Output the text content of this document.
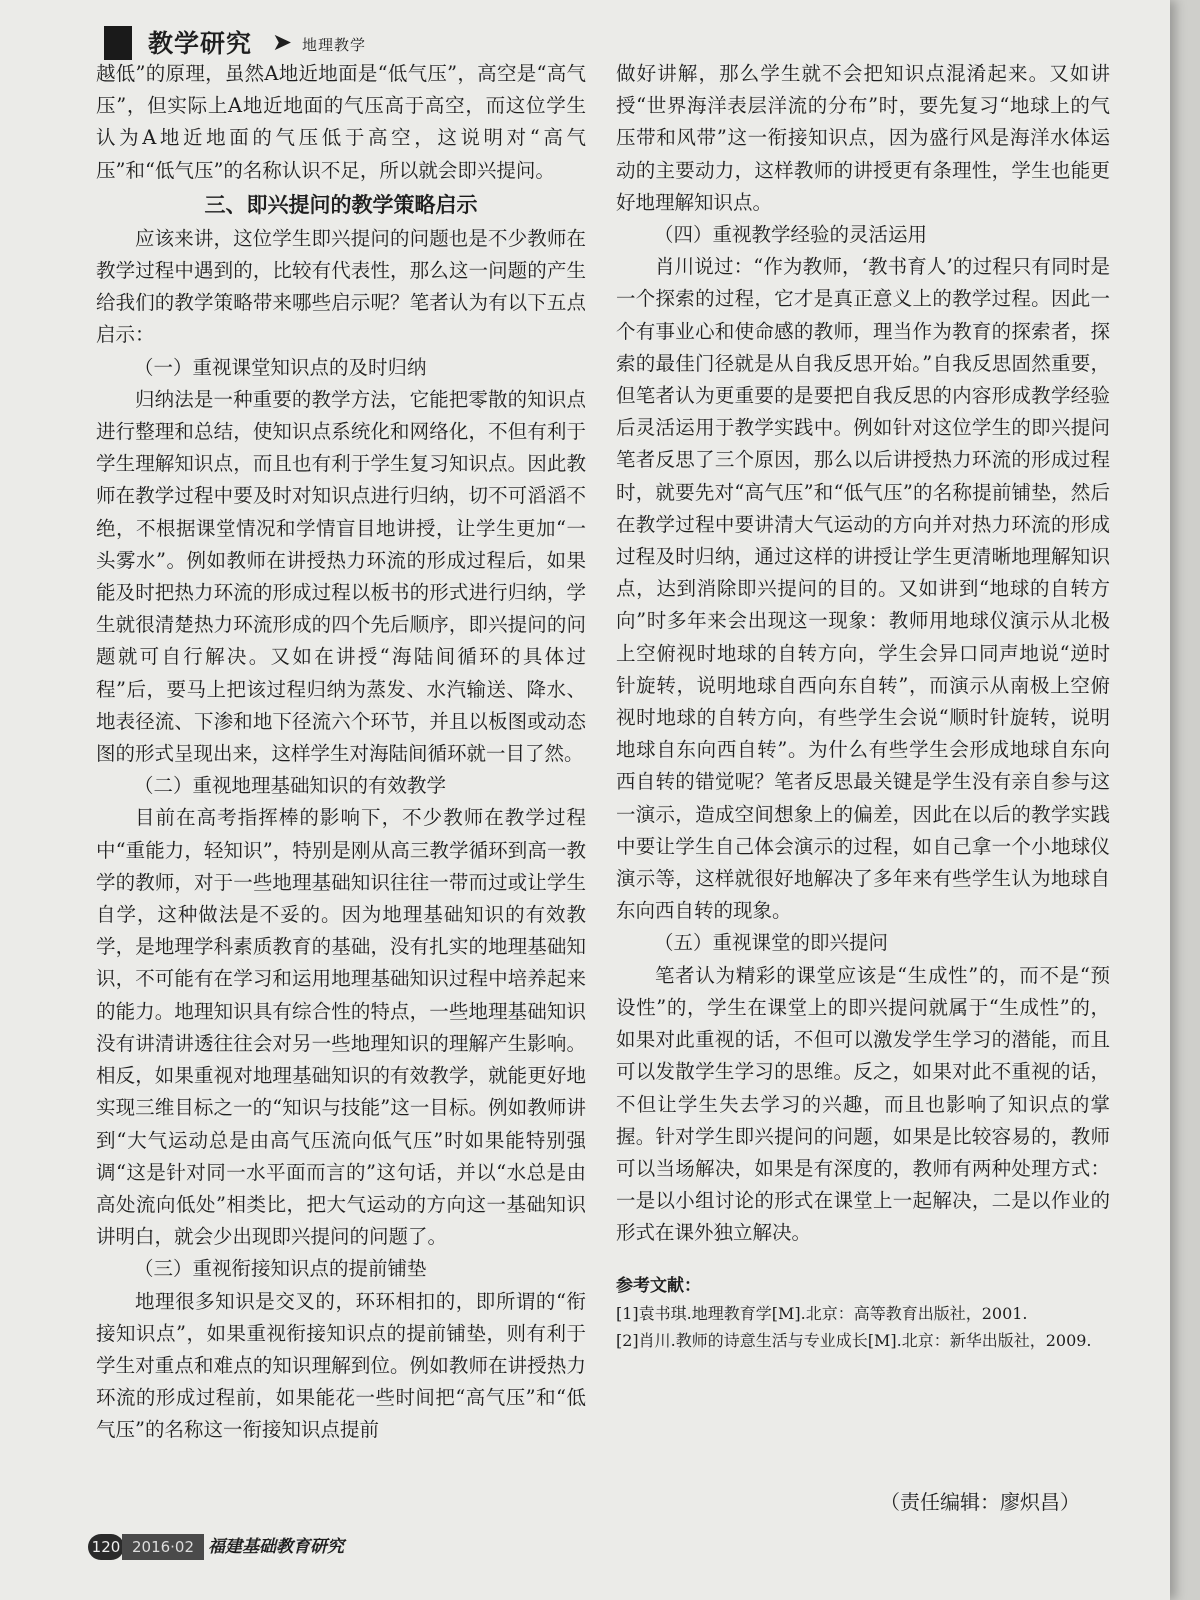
教学研究 ➤ 地理教学

越低”的原理，虽然A地近地面是“低气压”，高空是“高气压”，但实际上A地近地面的气压高于高空，而这位学生认为A地近地面的气压低于高空，这说明对“高气压”和“低气压”的名称认识不足，所以就会即兴提问。

三、即兴提问的教学策略启示

应该来讲，这位学生即兴提问的问题也是不少教师在教学过程中遇到的，比较有代表性，那么这一问题的产生给我们的教学策略带来哪些启示呢？笔者认为有以下五点启示：

（一）重视课堂知识点的及时归纳

归纳法是一种重要的教学方法，它能把零散的知识点进行整理和总结，使知识点系统化和网络化，不但有利于学生理解知识点，而且也有利于学生复习知识点。因此教师在教学过程中要及时对知识点进行归纳，切不可滔滔不绝，不根据课堂情况和学情盲目地讲授，让学生更加“一头雾水”。例如教师在讲授热力环流的形成过程后，如果能及时把热力环流的形成过程以板书的形式进行归纳，学生就很清楚热力环流形成的四个先后顺序，即兴提问的问题就可自行解决。又如在讲授“海陆间循环的具体过程”后，要马上把该过程归纳为蒸发、水汽输送、降水、地表径流、下渗和地下径流六个环节，并且以板图或动态图的形式呈现出来，这样学生对海陆间循环就一目了然。

（二）重视地理基础知识的有效教学

目前在高考指挥棒的影响下，不少教师在教学过程中“重能力，轻知识”，特别是刚从高三教学循环到高一教学的教师，对于一些地理基础知识往往一带而过或让学生自学，这种做法是不妥的。因为地理基础知识的有效教学，是地理学科素质教育的基础，没有扎实的地理基础知识，不可能有在学习和运用地理基础知识过程中培养起来的能力。地理知识具有综合性的特点，一些地理基础知识没有讲清讲透往往会对另一些地理知识的理解产生影响。相反，如果重视对地理基础知识的有效教学，就能更好地实现三维目标之一的“知识与技能”这一目标。例如教师讲到“大气运动总是由高气压流向低气压”时如果能特别强调“这是针对同一水平面而言的”这句话，并以“水总是由高处流向低处”相类比，把大气运动的方向这一基础知识讲明白，就会少出现即兴提问的问题了。

（三）重视衔接知识点的提前铺垫

地理很多知识是交叉的，环环相扣的，即所谓的“衔接知识点”，如果重视衔接知识点的提前铺垫，则有利于学生对重点和难点的知识理解到位。例如教师在讲授热力环流的形成过程前，如果能花一些时间把“高气压”和“低气压”的名称这一衔接知识点提前

做好讲解，那么学生就不会把知识点混淆起来。又如讲授“世界海洋表层洋流的分布”时，要先复习“地球上的气压带和风带”这一衔接知识点，因为盛行风是海洋水体运动的主要动力，这样教师的讲授更有条理性，学生也能更好地理解知识点。

（四）重视教学经验的灵活运用

肖川说过：“作为教师，‘教书育人’的过程只有同时是一个探索的过程，它才是真正意义上的教学过程。因此一个有事业心和使命感的教师，理当作为教育的探索者，探索的最佳门径就是从自我反思开始。”自我反思固然重要，但笔者认为更重要的是要把自我反思的内容形成教学经验后灵活运用于教学实践中。例如针对这位学生的即兴提问笔者反思了三个原因，那么以后讲授热力环流的形成过程时，就要先对“高气压”和“低气压”的名称提前铺垫，然后在教学过程中要讲清大气运动的方向并对热力环流的形成过程及时归纳，通过这样的讲授让学生更清晰地理解知识点，达到消除即兴提问的目的。又如讲到“地球的自转方向”时多年来会出现这一现象：教师用地球仪演示从北极上空俯视时地球的自转方向，学生会异口同声地说“逆时针旋转，说明地球自西向东自转”，而演示从南极上空俯视时地球的自转方向，有些学生会说“顺时针旋转，说明地球自东向西自转”。为什么有些学生会形成地球自东向西自转的错觉呢？笔者反思最关键是学生没有亲自参与这一演示，造成空间想象上的偏差，因此在以后的教学实践中要让学生自己体会演示的过程，如自己拿一个小地球仪演示等，这样就很好地解决了多年来有些学生认为地球自东向西自转的现象。

（五）重视课堂的即兴提问

笔者认为精彩的课堂应该是“生成性”的，而不是“预设性”的，学生在课堂上的即兴提问就属于“生成性”的，如果对此重视的话，不但可以激发学生学习的潜能，而且可以发散学生学习的思维。反之，如果对此不重视的话，不但让学生失去学习的兴趣，而且也影响了知识点的掌握。针对学生即兴提问的问题，如果是比较容易的，教师可以当场解决，如果是有深度的，教师有两种处理方式：一是以小组讨论的形式在课堂上一起解决，二是以作业的形式在课外独立解决。

参考文献：
[1]袁书琪.地理教育学[M].北京：高等教育出版社，2001.
[2]肖川.教师的诗意生活与专业成长[M].北京：新华出版社，2009.
（责任编辑：廖炽昌）
120 2016·02 福建基础教育研究
